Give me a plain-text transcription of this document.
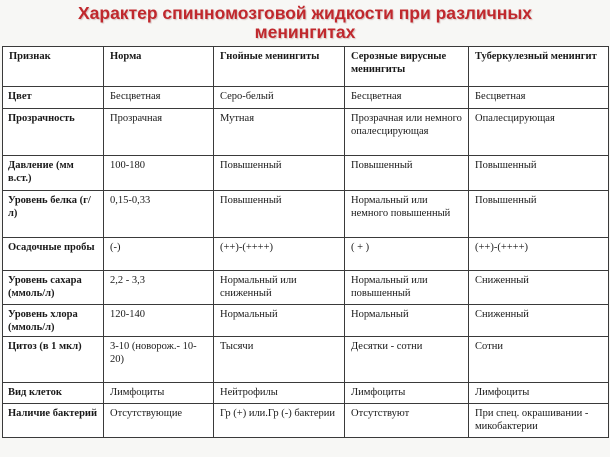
Характер спинномозговой жидкости при различных
менингитах
Признак	Норма	Гнойные менингиты	Серозные вирусные менингиты	Туберкулезный менингит
Цвет	Бесцветная	Серо-белый	Бесцветная	Бесцветная
Прозрачность	Прозрачная	Мутная	Прозрачная или немного опалесцирующая	Опалесцирующая
Давление (мм в.ст.)	100-180	Повышенный	Повышенный	Повышенный
Уровень белка (г/л)	0,15-0,33	Повышенный	Нормальный или немного повышенный	Повышенный
Осадочные пробы	(-)	(++)-(++++)	( + )	(++)-(++++)
Уровень сахара (ммоль/л)	2,2 - 3,3	Нормальный или сниженный	Нормальный или повышенный	Сниженный
Уровень хлора (ммоль/л)	120-140	Нормальный	Нормальный	Сниженный
Цитоз (в 1 мкл)	3-10 (новорож.- 10-20)	Тысячи	Десятки - сотни	Сотни
Вид клеток	Лимфоциты	Нейтрофилы	Лимфоциты	Лимфоциты
Наличие бактерий	Отсутствующие	Гр (+) или.Гр (-) бактерии	Отсутствуют	При спец. окрашивании - микобактерии
